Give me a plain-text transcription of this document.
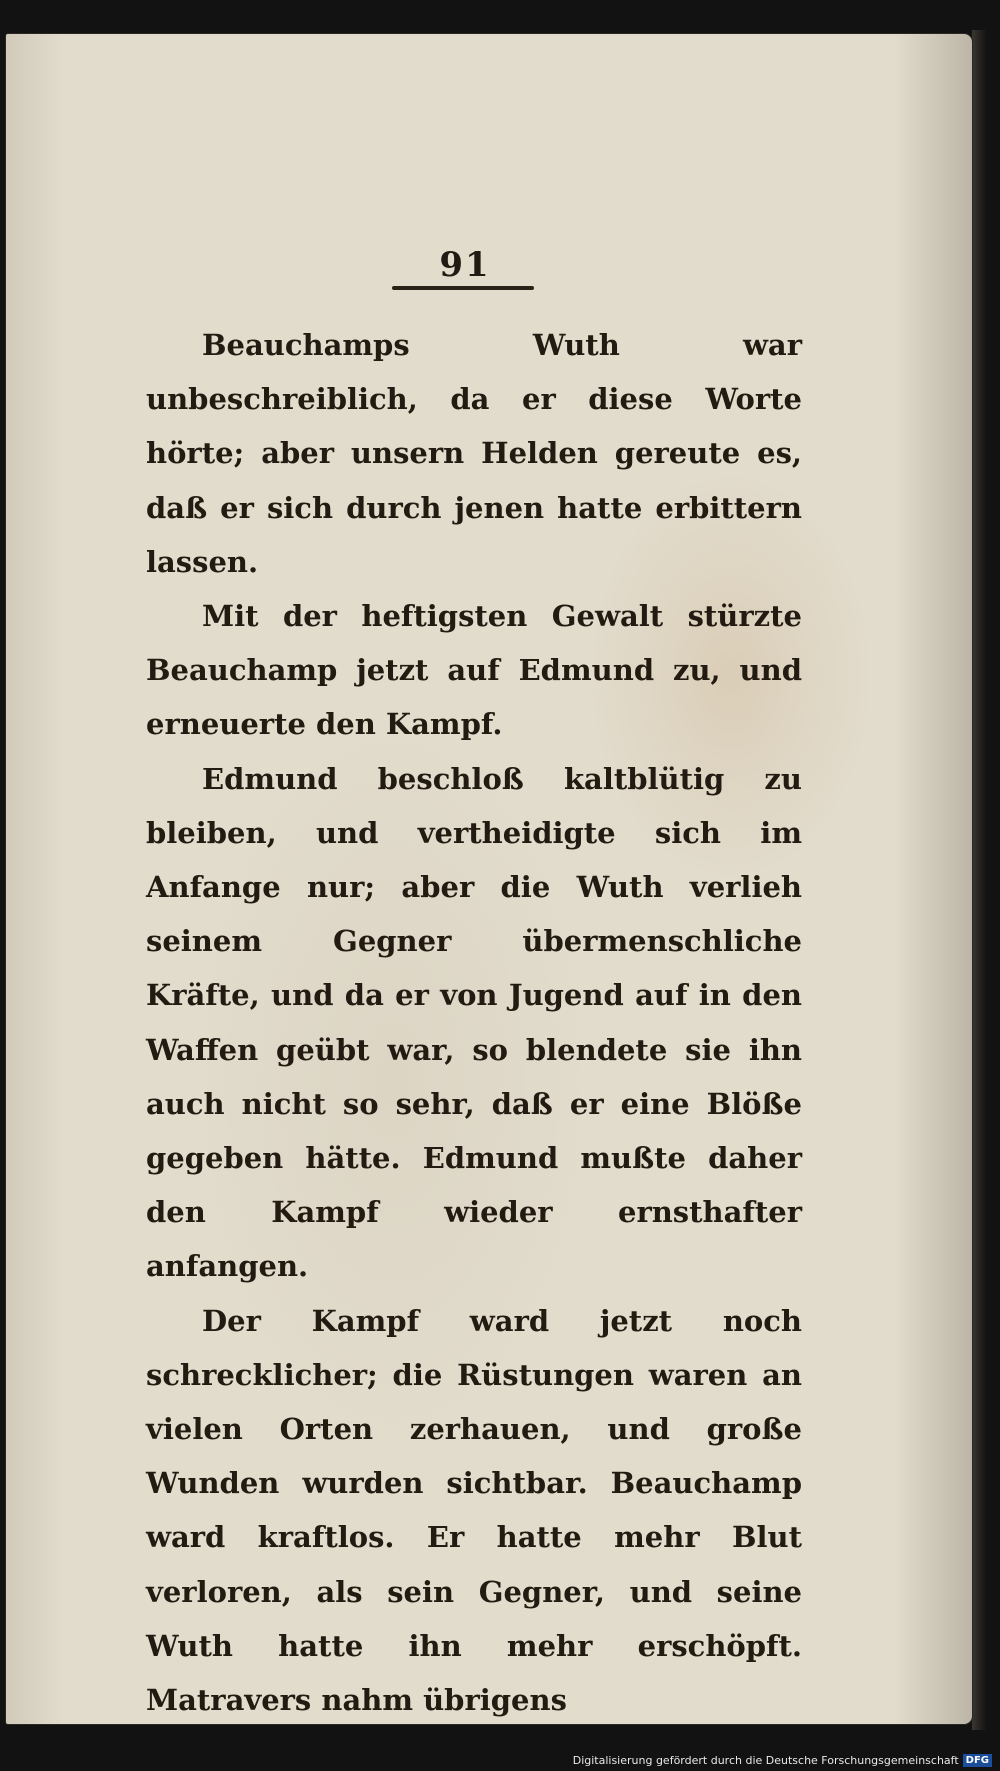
91

Beauchamps Wuth war unbeschreiblich, da er diese Worte hörte; aber unsern Helden gereute es, daß er sich durch jenen hatte erbittern lassen.

Mit der heftigsten Gewalt stürzte Beauchamp jetzt auf Edmund zu, und erneuerte den Kampf.

Edmund beschloß kaltblütig zu bleiben, und vertheidigte sich im Anfange nur; aber die Wuth verlieh seinem Gegner übermenschliche Kräfte, und da er von Jugend auf in den Waffen geübt war, so blendete sie ihn auch nicht so sehr, daß er eine Blöße gegeben hätte. Edmund mußte daher den Kampf wieder ernsthafter anfangen.

Der Kampf ward jetzt noch schrecklicher; die Rüstungen waren an vielen Orten zerhauen, und große Wunden wurden sichtbar. Beauchamp ward kraftlos. Er hatte mehr Blut verloren, als sein Gegner, und seine Wuth hatte ihn mehr erschöpft. Matravers nahm übrigens

Digitalisierung gefördert durch die Deutsche Forschungsgemeinschaft DFG
